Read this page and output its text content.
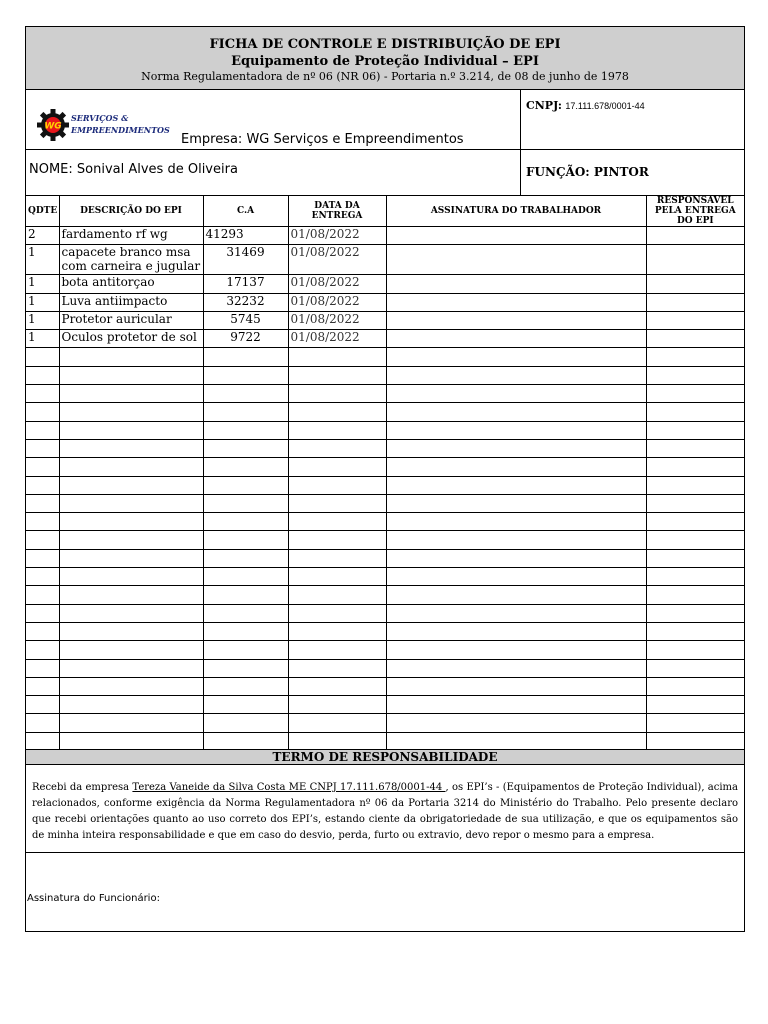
FICHA DE CONTROLE E DISTRIBUIÇÃO DE EPI
Equipamento de Proteção Individual – EPI
Norma Regulamentadora de nº 06 (NR 06) - Portaria n.º 3.214, de 08 de junho de 1978
WG
SERVIÇOS &
EMPREENDIMENTOS
Empresa: WG Serviços e Empreendimentos
CNPJ: 17.111.678/0001-44
NOME: Sonival Alves de Oliveira	FUNÇÃO: PINTOR
QDTE	DESCRIÇÃO DO EPI	C.A	DATA DA ENTREGA	ASSINATURA DO TRABALHADOR	RESPONSÁVEL PELA ENTREGA DO EPI
2	fardamento rf wg	41293	01/08/2022		
1	capacete branco msa com carneira e jugular	31469	01/08/2022		
1	bota antitorçao	17137	01/08/2022		
1	Luva antiimpacto	32232	01/08/2022		
1	Protetor auricular	5745	01/08/2022		
1	Oculos protetor de sol	9722	01/08/2022		

TERMO DE RESPONSABILIDADE
Recebi da empresa Tereza Vaneide da Silva Costa ME CNPJ 17.111.678/0001-44 , os EPI’s - (Equipamentos de Proteção Individual), acima relacionados, conforme exigência da Norma Regulamentadora nº 06 da Portaria 3214 do Ministério do Trabalho. Pelo presente declaro que recebi orientações quanto ao uso correto dos EPI’s, estando ciente da obrigatoriedade de sua utilização, e que os equipamentos são de minha inteira responsabilidade e que em caso do desvio, perda, furto ou extravio, devo repor o mesmo para a empresa.
Assinatura do Funcionário:
